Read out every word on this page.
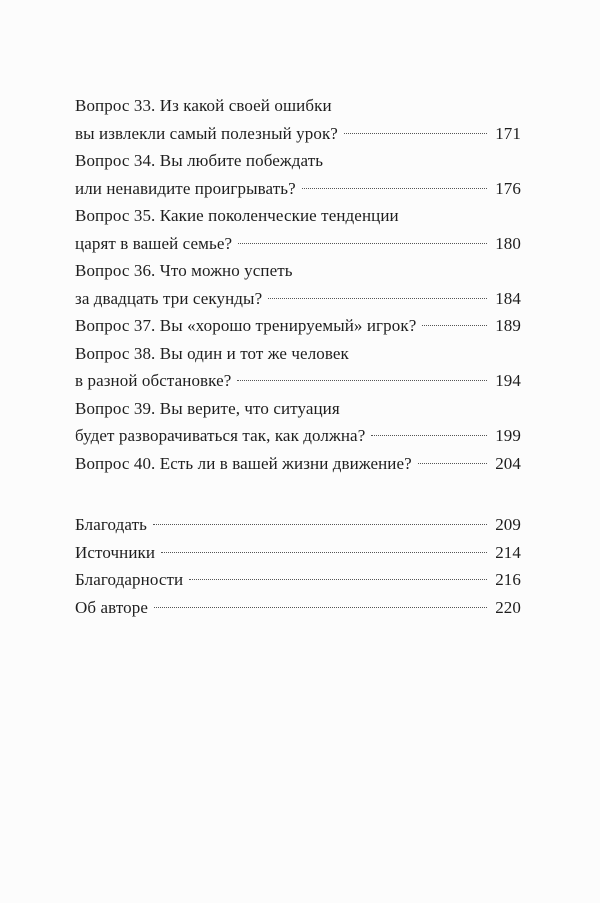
Вопрос 33. Из какой своей ошибки
вы извлекли самый полезный урок?	171
Вопрос 34. Вы любите побеждать
или ненавидите проигрывать?	176
Вопрос 35. Какие поколенческие тенденции
царят в вашей семье?	180
Вопрос 36. Что можно успеть
за двадцать три секунды?	184
Вопрос 37. Вы «хорошо тренируемый» игрок?	189
Вопрос 38. Вы один и тот же человек
в разной обстановке?	194
Вопрос 39. Вы верите, что ситуация
будет разворачиваться так, как должна?	199
Вопрос 40. Есть ли в вашей жизни движение?	204
Благодать	209
Источники	214
Благодарности	216
Об авторе	220
